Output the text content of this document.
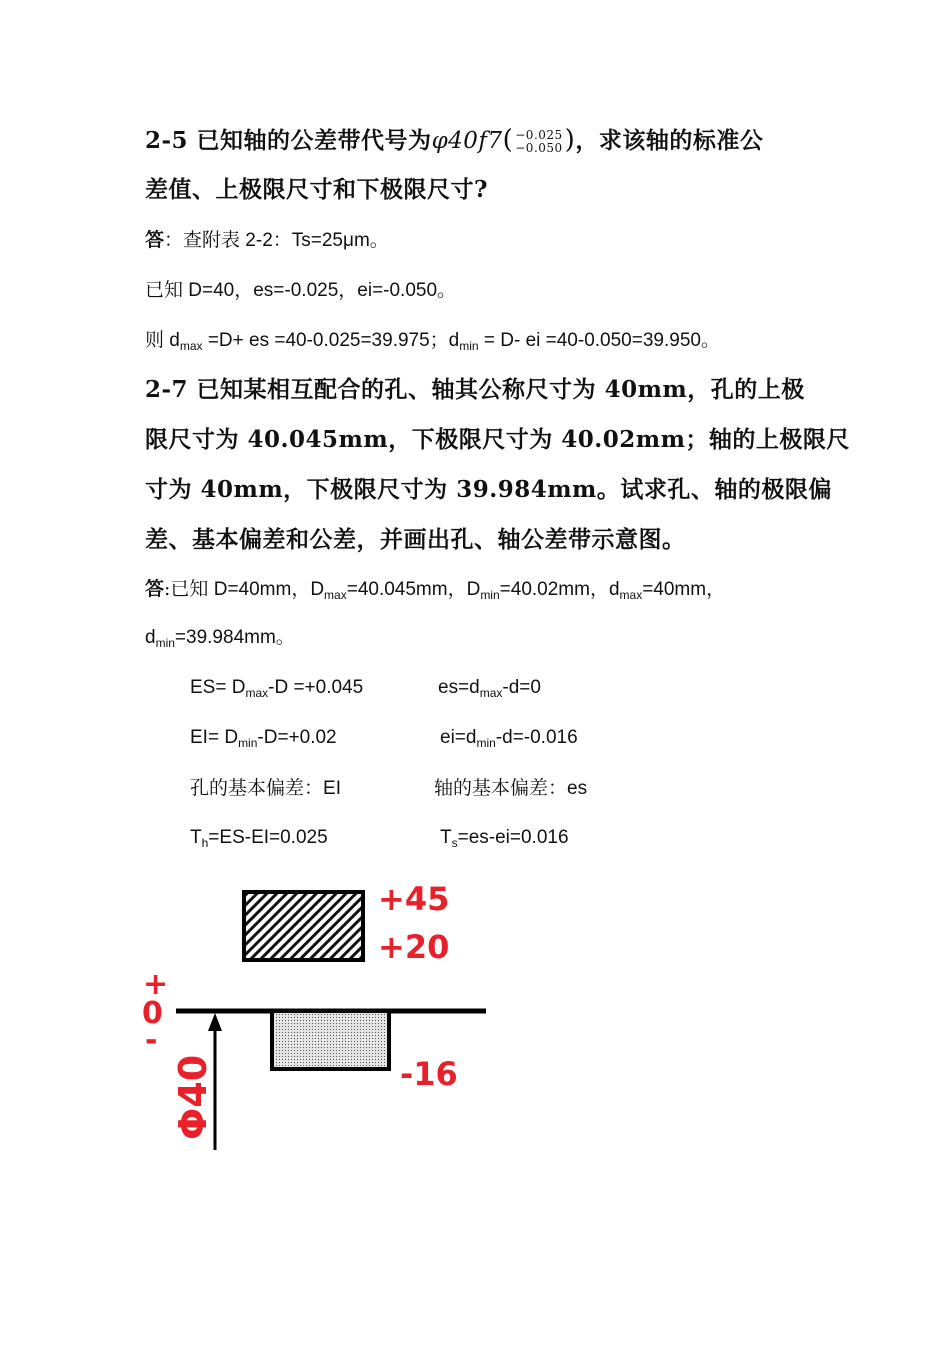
2-5 已知轴的公差带代号为φ40f7( −0.025
−0.050 )，求该轴的标准公
差值、上极限尺寸和下极限尺寸?
答：查附表 2-2：Ts=25μm。
已知 D=40，es=-0.025，ei=-0.050。
则 $d_{max} =D+$ es =40-0.025=39.975；$d_{min} = D-$ ei =40-0.050=39.950。
2-7 已知某相互配合的孔、轴其公称尺寸为 40mm，孔的上极
限尺寸为 40.045mm，下极限尺寸为 40.02mm；轴的上极限尺
寸为 40mm，下极限尺寸为 39.984mm。试求孔、轴的极限偏
差、基本偏差和公差，并画出孔、轴公差带示意图。
答:已知 D=40mm，$D_{max}=40.045mm$，$D_{min}=40.02mm$，$d_{max}=40mm$，
$d_{min}=39.984mm$。
$ES= D_{max}-D =+0.045$	$es=d_{max}-d=0$
$EI= D_{min}-D=+0.02$	$ei=d_{min}-d=-0.016$
孔的基本偏差：EI	轴的基本偏差：es
$T_h=ES-EI=0.025$	$T_s=es-ei=0.016$
+45
+20
-16
+
0
-
Φ40
